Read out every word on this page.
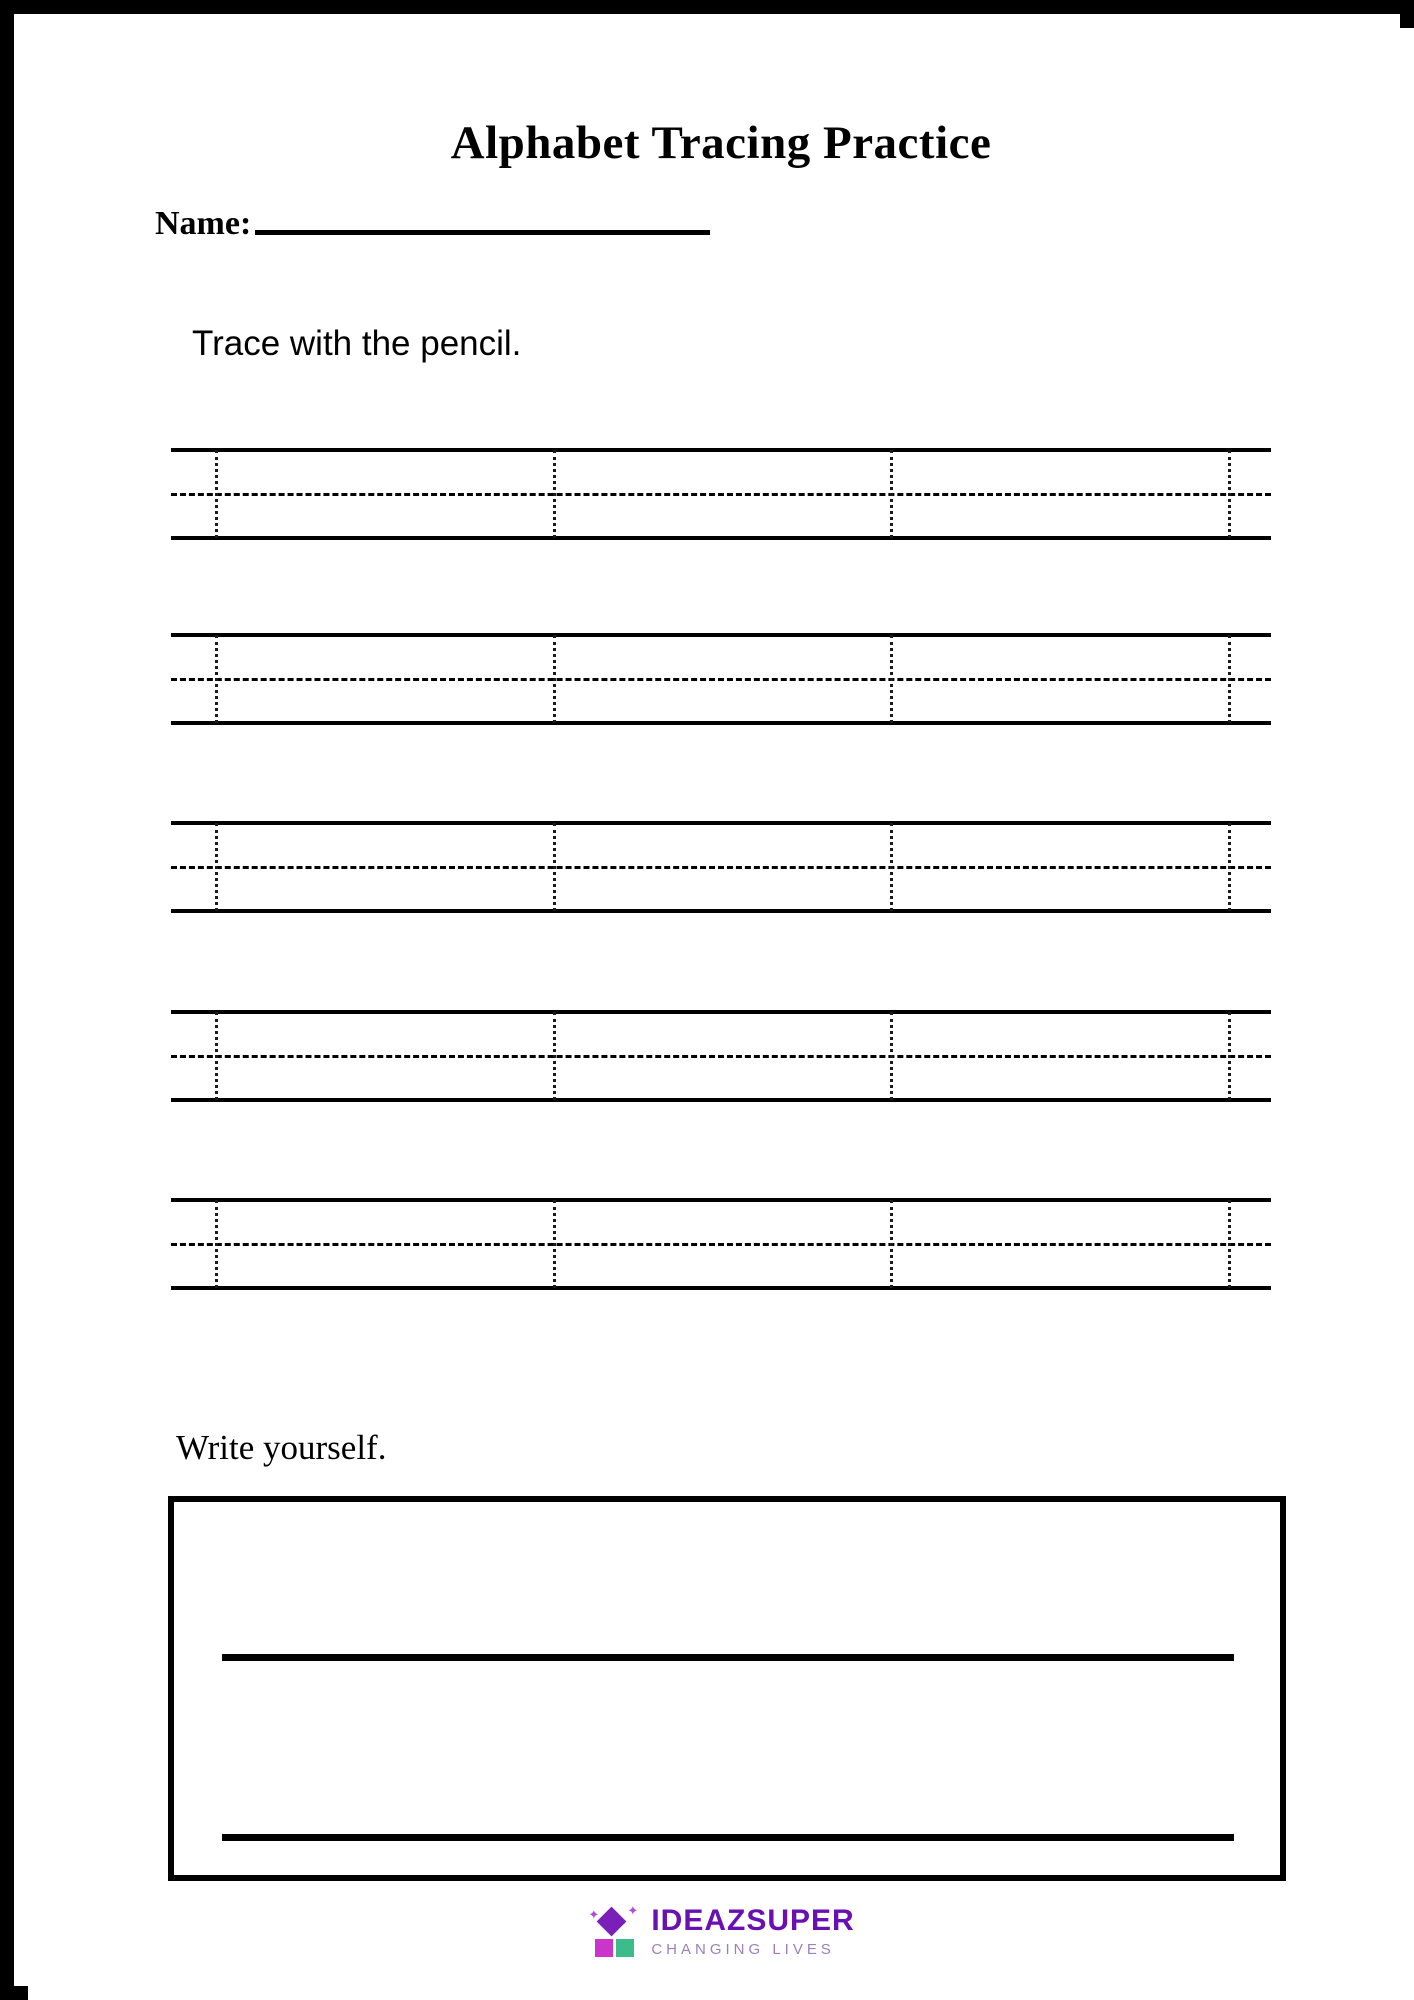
Alphabet Tracing Practice
Name:
Trace with the pencil.
Write yourself.
✦ ✦ IDEAZSUPER
CHANGING LIVES
